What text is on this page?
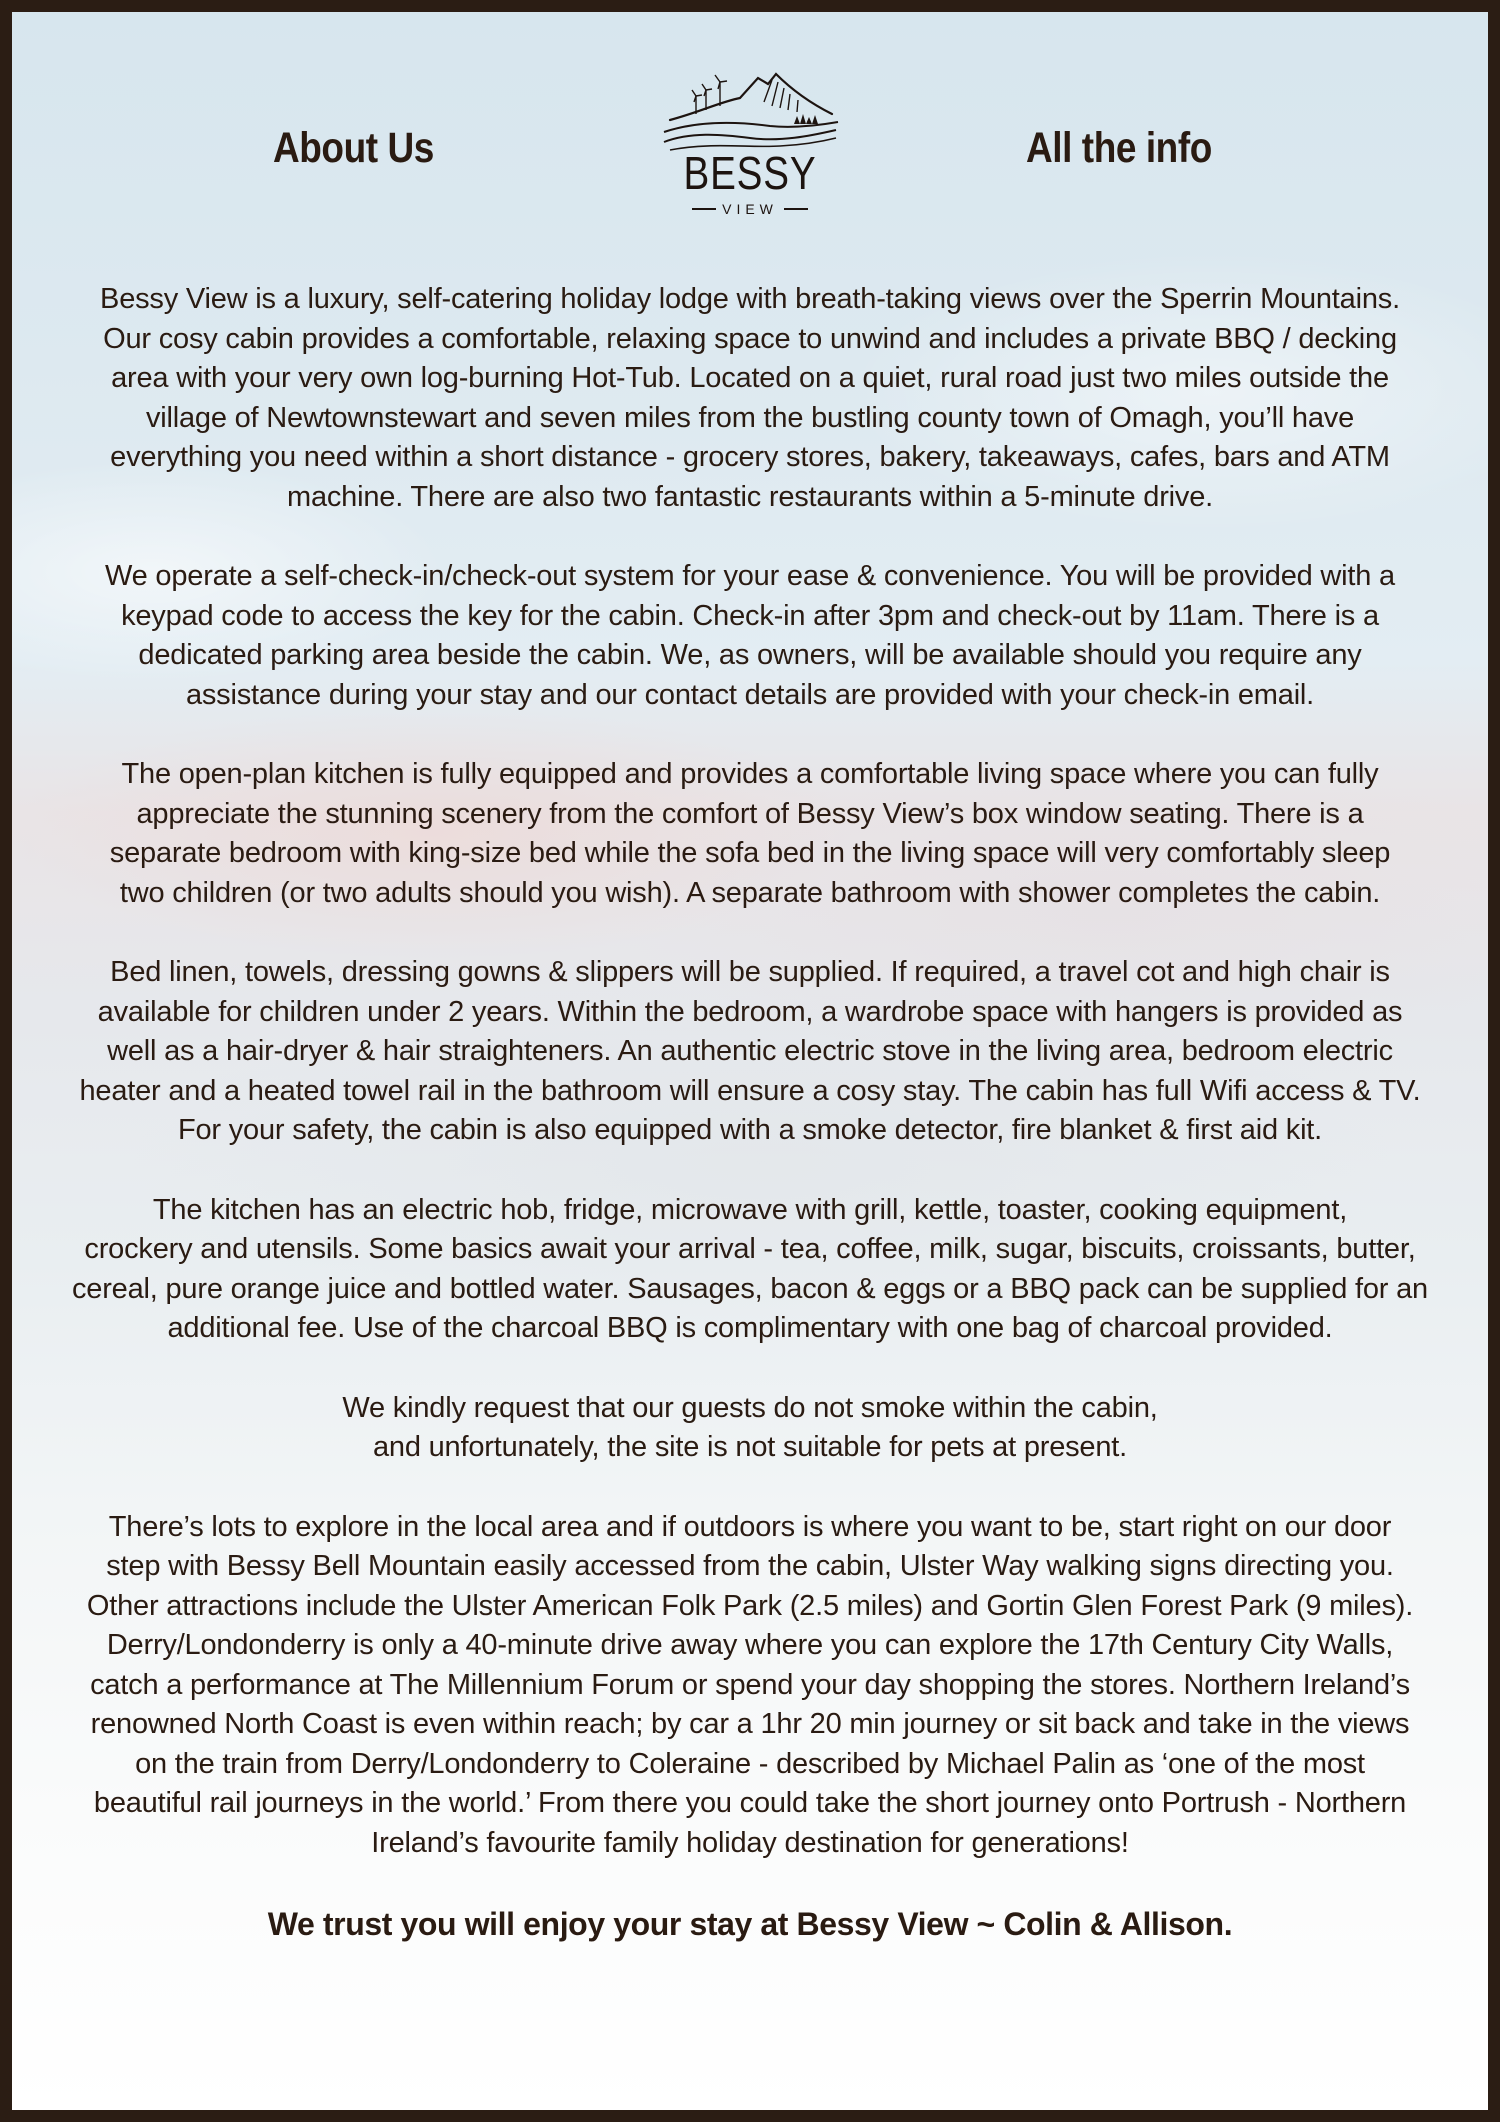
About Us	BESSY
VIEW
All the info

Bessy View is a luxury, self-catering holiday lodge with breath-taking views over the Sperrin Mountains.
Our cosy cabin provides a comfortable, relaxing space to unwind and includes a private BBQ / decking
area with your very own log-burning Hot-Tub. Located on a quiet, rural road just two miles outside the
village of Newtownstewart and seven miles from the bustling county town of Omagh, you’ll have
everything you need within a short distance - grocery stores, bakery, takeaways, cafes, bars and ATM
machine. There are also two fantastic restaurants within a 5-minute drive.

We operate a self-check-in/check-out system for your ease & convenience. You will be provided with a
keypad code to access the key for the cabin. Check-in after 3pm and check-out by 11am. There is a
dedicated parking area beside the cabin. We, as owners, will be available should you require any
assistance during your stay and our contact details are provided with your check-in email.

The open-plan kitchen is fully equipped and provides a comfortable living space where you can fully
appreciate the stunning scenery from the comfort of Bessy View’s box window seating. There is a
separate bedroom with king-size bed while the sofa bed in the living space will very comfortably sleep
two children (or two adults should you wish). A separate bathroom with shower completes the cabin.

Bed linen, towels, dressing gowns & slippers will be supplied. If required, a travel cot and high chair is
available for children under 2 years. Within the bedroom, a wardrobe space with hangers is provided as
well as a hair-dryer & hair straighteners. An authentic electric stove in the living area, bedroom electric
heater and a heated towel rail in the bathroom will ensure a cosy stay. The cabin has full Wifi access & TV.
For your safety, the cabin is also equipped with a smoke detector, fire blanket & first aid kit.

The kitchen has an electric hob, fridge, microwave with grill, kettle, toaster, cooking equipment,
crockery and utensils. Some basics await your arrival - tea, coffee, milk, sugar, biscuits, croissants, butter,
cereal, pure orange juice and bottled water. Sausages, bacon & eggs or a BBQ pack can be supplied for an
additional fee. Use of the charcoal BBQ is complimentary with one bag of charcoal provided.

We kindly request that our guests do not smoke within the cabin,
and unfortunately, the site is not suitable for pets at present.

There’s lots to explore in the local area and if outdoors is where you want to be, start right on our door
step with Bessy Bell Mountain easily accessed from the cabin, Ulster Way walking signs directing you.
Other attractions include the Ulster American Folk Park (2.5 miles) and Gortin Glen Forest Park (9 miles).
Derry/Londonderry is only a 40-minute drive away where you can explore the 17th Century City Walls,
catch a performance at The Millennium Forum or spend your day shopping the stores. Northern Ireland’s
renowned North Coast is even within reach; by car a 1hr 20 min journey or sit back and take in the views
on the train from Derry/Londonderry to Coleraine - described by Michael Palin as ‘one of the most
beautiful rail journeys in the world.’ From there you could take the short journey onto Portrush - Northern
Ireland’s favourite family holiday destination for generations!

We trust you will enjoy your stay at Bessy View ~ Colin & Allison.
